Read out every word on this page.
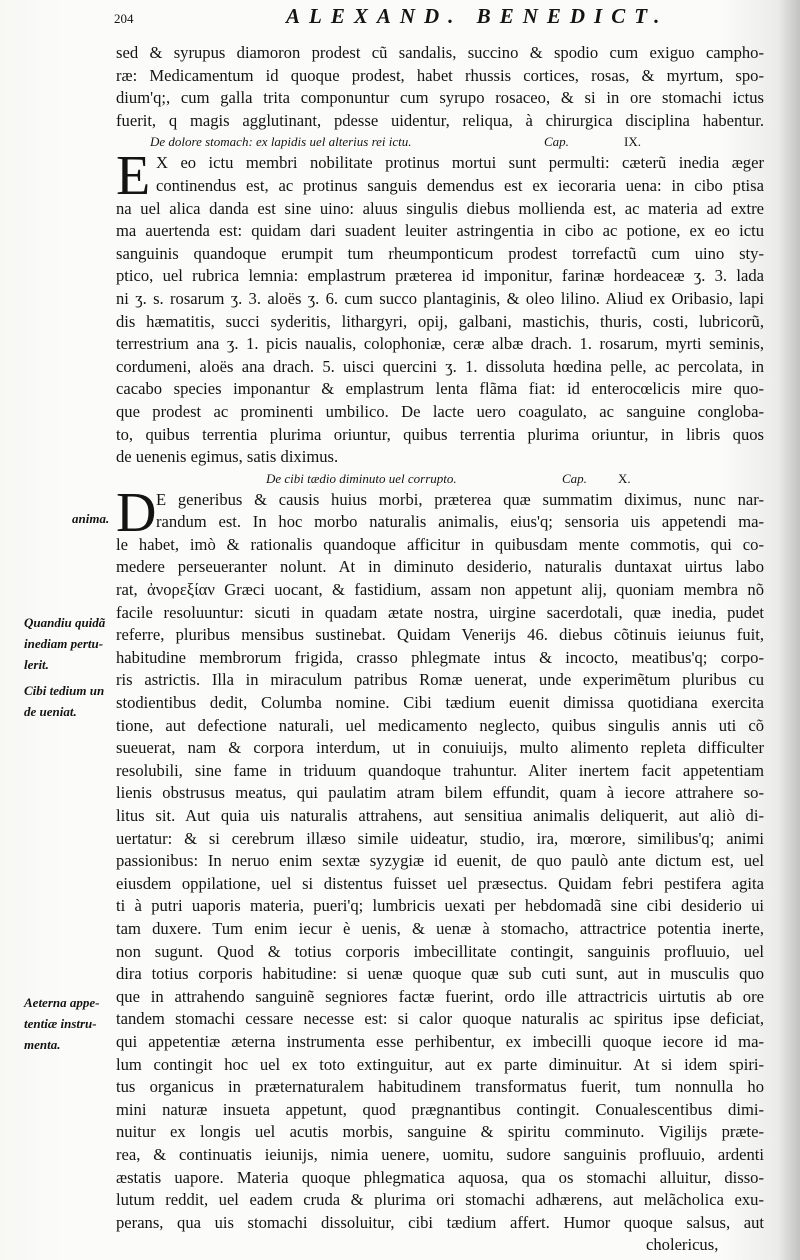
204	ALEXAND. BENEDICT.
anima.
Quandiu quidã
inediam pertu-
lerit.
Cibi tedium un
de ueniat.
Aeterna appe-
tentiæ instru-
menta.
sed & syrupus diamoron prodest cũ sandalis, succino & spodio cum exiguo campho-
ræ: Medicamentum id quoque prodest, habet rhussis cortices, rosas, & myrtum, spo-
dium'q;, cum galla trita componuntur cum syrupo rosaceo, & si in ore stomachi ictus
fuerit, q magis agglutinant, pdesse uidentur, reliqua, à chirurgica disciplina habentur.
De dolore stomach: ex lapidis uel alterius rei ictu.	Cap.	IX.
E X eo ictu membri nobilitate protinus mortui sunt permulti: cæterũ inedia æger
continendus est, ac protinus sanguis demendus est ex iecoraria uena: in cibo ptisa
na uel alica danda est sine uino: aluus singulis diebus mollienda est, ac materia ad extre
ma auertenda est: quidam dari suadent leuiter astringentia in cibo ac potione, ex eo ictu
sanguinis quandoque erumpit tum rheumponticum prodest torrefactũ cum uino sty-
ptico, uel rubrica lemnia: emplastrum præterea id imponitur, farinæ hordeaceæ ʒ. 3. lada
ni ʒ. s. rosarum ʒ. 3. aloës ʒ. 6. cum succo plantaginis, & oleo lilino. Aliud ex Oribasio, lapi
dis hæmatitis, succi syderitis, lithargyri, opij, galbani, mastichis, thuris, costi, lubricorũ,
terrestrium ana ʒ. 1. picis naualis, colophoniæ, ceræ albæ drach. 1. rosarum, myrti seminis,
cordumeni, aloës ana drach. 5. uisci quercini ʒ. 1. dissoluta hœdina pelle, ac percolata, in
cacabo species imponantur & emplastrum lenta flãma fiat: id enterocœlicis mire quo-
que prodest ac prominenti umbilico. De lacte uero coagulato, ac sanguine congloba-
to, quibus terrentia plurima oriuntur, quibus terrentia plurima oriuntur, in libris quos
de uenenis egimus, satis diximus.
De cibi tædio diminuto uel corrupto.	Cap. X.
D E generibus & causis huius morbi, præterea quæ summatim diximus, nunc nar-
randum est. In hoc morbo naturalis animalis, eius'q; sensoria uis appetendi ma-
le habet, imò & rationalis quandoque afficitur in quibusdam mente commotis, qui co-
medere perseueranter nolunt. At in diminuto desiderio, naturalis duntaxat uirtus labo
rat, ἀνορεξίαν Græci uocant, & fastidium, assam non appetunt alij, quoniam membra nõ
facile resoluuntur: sicuti in quadam ætate nostra, uirgine sacerdotali, quæ inedia, pudet
referre, pluribus mensibus sustinebat. Quidam Venerijs 46. diebus cõtinuis ieiunus fuit,
habitudine membrorum frigida, crasso phlegmate intus & incocto, meatibus'q; corpo-
ris astrictis. Illa in miraculum patribus Romæ uenerat, unde experimẽtum pluribus cu
stodientibus dedit, Columba nomine. Cibi tædium euenit dimissa quotidiana exercita
tione, aut defectione naturali, uel medicamento neglecto, quibus singulis annis uti cõ
sueuerat, nam & corpora interdum, ut in conuiuijs, multo alimento repleta difficulter
resolubili, sine fame in triduum quandoque trahuntur. Aliter inertem facit appetentiam
lienis obstrusus meatus, qui paulatim atram bilem effundit, quam à iecore attrahere so-
litus sit. Aut quia uis naturalis attrahens, aut sensitiua animalis deliquerit, aut aliò di-
uertatur: & si cerebrum illæso simile uideatur, studio, ira, mœrore, similibus'q; animi
passionibus: In neruo enim sextæ syzygiæ id euenit, de quo paulò ante dictum est, uel
eiusdem oppilatione, uel si distentus fuisset uel præsectus. Quidam febri pestifera agita
ti à putri uaporis materia, pueri'q; lumbricis uexati per hebdomadã sine cibi desiderio ui
tam duxere. Tum enim iecur è uenis, & uenæ à stomacho, attractrice potentia inerte,
non sugunt. Quod & totius corporis imbecillitate contingit, sanguinis profluuio, uel
dira totius corporis habitudine: si uenæ quoque quæ sub cuti sunt, aut in musculis quo
que in attrahendo sanguinẽ segniores factæ fuerint, ordo ille attractricis uirtutis ab ore
tandem stomachi cessare necesse est: si calor quoque naturalis ac spiritus ipse deficiat,
qui appetentiæ æterna instrumenta esse perhibentur, ex imbecilli quoque iecore id ma-
lum contingit hoc uel ex toto extinguitur, aut ex parte diminuitur. At si idem spiri-
tus organicus in præternaturalem habitudinem transformatus fuerit, tum nonnulla ho
mini naturæ insueta appetunt, quod prægnantibus contingit. Conualescentibus dimi-
nuitur ex longis uel acutis morbis, sanguine & spiritu comminuto. Vigilijs præte-
rea, & continuatis ieiunijs, nimia uenere, uomitu, sudore sanguinis profluuio, ardenti
æstatis uapore. Materia quoque phlegmatica aquosa, qua os stomachi alluitur, disso-
lutum reddit, uel eadem cruda & plurima ori stomachi adhærens, aut melãcholica exu-
perans, qua uis stomachi dissoluitur, cibi tædium affert. Humor quoque salsus, aut
cholericus,
